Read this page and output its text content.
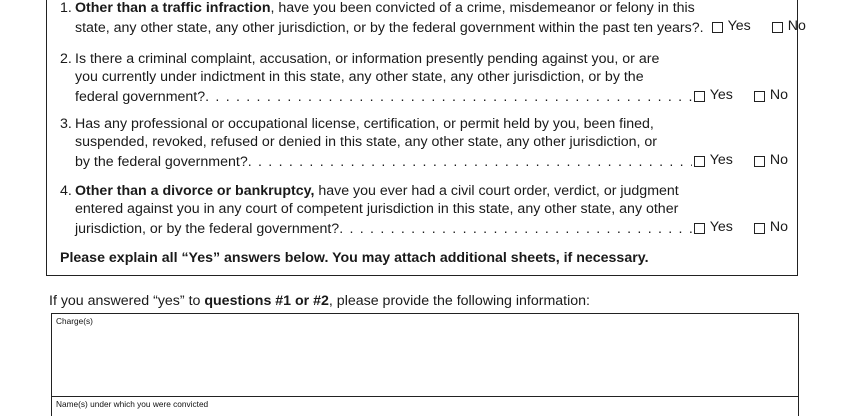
1. Other than a traffic infraction, have you been convicted of a crime, misdemeanor or felony in this
state, any other state, any other jurisdiction, or by the federal government within the past ten years? . . . Yes	No
2. Is there a criminal complaint, accusation, or information presently pending against you, or are
you currently under indictment in this state, any other state, any other jurisdiction, or by the
federal government? . . .	Yes	No
3. Has any professional or occupational license, certification, or permit held by you, been fined,
suspended, revoked, refused or denied in this state, any other state, any other jurisdiction, or
by the federal government? . . .	Yes	No
4. Other than a divorce or bankruptcy, have you ever had a civil court order, verdict, or judgment
entered against you in any court of competent jurisdiction in this state, any other state, any other
jurisdiction, or by the federal government? . . .	Yes	No
Please explain all “Yes” answers below. You may attach additional sheets, if necessary.
If you answered “yes” to questions #1 or #2, please provide the following information:
Charge(s)
Name(s) under which you were convicted
